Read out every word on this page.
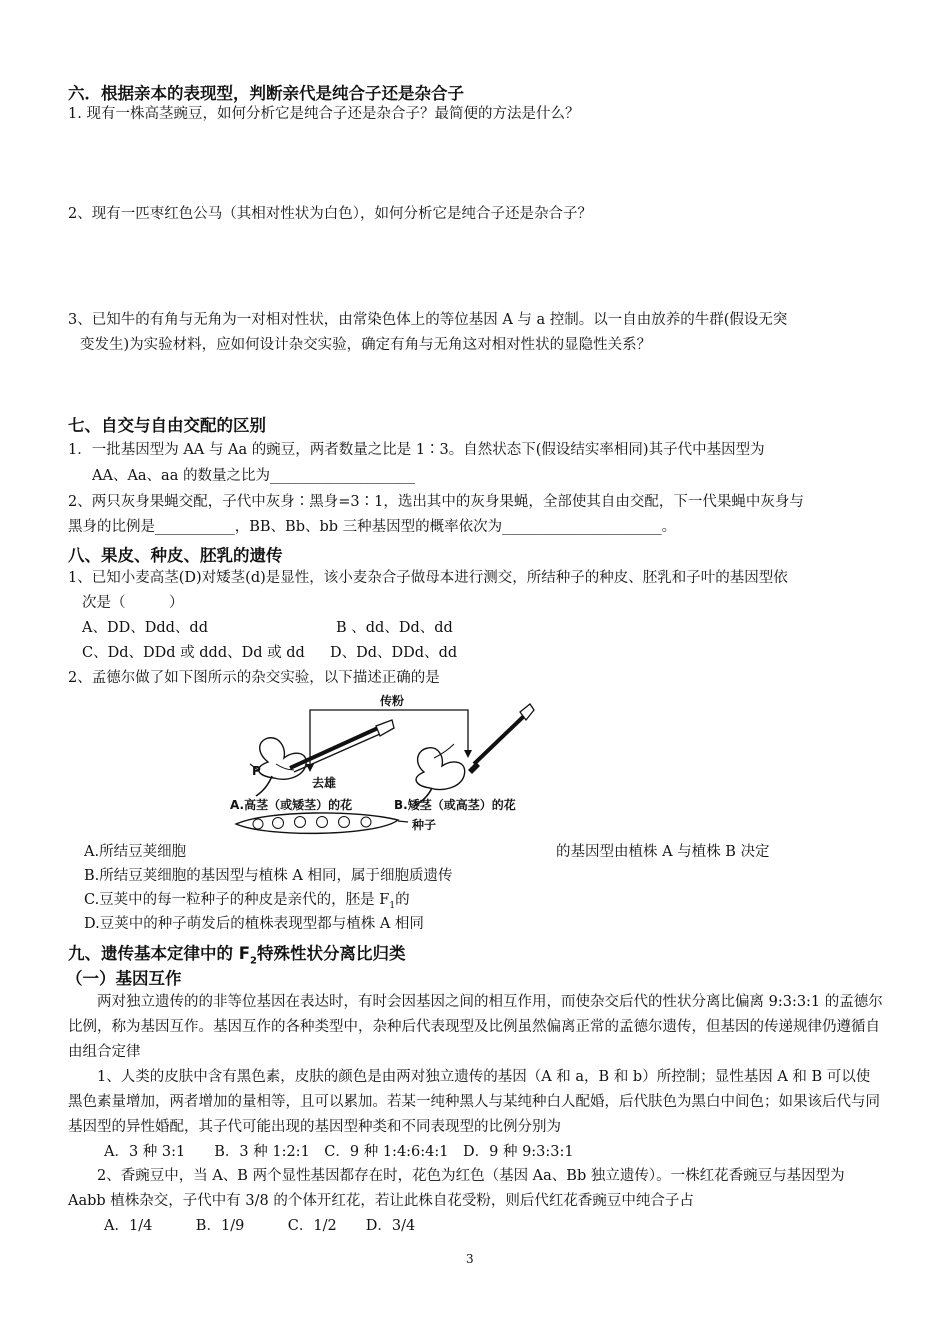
六．根据亲本的表现型，判断亲代是纯合子还是杂合子
1. 现有一株高茎豌豆，如何分析它是纯合子还是杂合子？最简便的方法是什么？
2、现有一匹枣红色公马（其相对性状为白色），如何分析它是纯合子还是杂合子？
3、已知牛的有角与无角为一对相对性状，由常染色体上的等位基因 A 与 a 控制。以一自由放养的牛群(假设无突
变发生)为实验材料，应如何设计杂交实验，确定有角与无角这对相对性状的显隐性关系？
七、自交与自由交配的区别
1．一批基因型为 AA 与 Aa 的豌豆，两者数量之比是 1∶3。自然状态下(假设结实率相同)其子代中基因型为
AA、Aa、aa 的数量之比为____________________
2、两只灰身果蝇交配，子代中灰身∶黑身=3∶1，选出其中的灰身果蝇，全部使其自由交配，下一代果蝇中灰身与
黑身的比例是___________，BB、Bb、bb 三种基因型的概率依次为______________________。
八、果皮、种皮、胚乳的遗传
1、已知小麦高茎(D)对矮茎(d)是显性，该小麦杂合子做母本进行测交，所结种子的种皮、胚乳和子叶的基因型依
次是（　　　）
A、DD、Ddd、dd	B 、dd、Dd、dd
C、Dd、DDd 或 ddd、Dd 或 dd D、Dd、DDd、dd
2、孟德尔做了如下图所示的杂交实验，以下描述正确的是
传粉
P
去雄
A.高茎（或矮茎）的花	B.矮茎（或高茎）的花
种子
A.所结豆荚细胞	的基因型由植株 A 与植株 B 决定
B.所结豆荚细胞的基因型与植株 A 相同，属于细胞质遗传
C.豆荚中的每一粒种子的种皮是亲代的，胚是 $F_1$的
D.豆荚中的种子萌发后的植株表现型都与植株 A 相同
九、遗传基本定律中的 $F_2$特殊性状分离比归类
（一）基因互作
两对独立遗传的的非等位基因在表达时，有时会因基因之间的相互作用，而使杂交后代的性状分离比偏离 9:3:3:1 的孟德尔比例，称为基因互作。基因互作的各种类型中，杂种后代表现型及比例虽然偏离正常的孟德尔遗传，但基因的传递规律仍遵循自由组合定律
1、人类的皮肤中含有黑色素，皮肤的颜色是由两对独立遗传的基因（A 和 a，B 和 b）所控制；显性基因 A 和 B 可以使黑色素量增加，两者增加的量相等，且可以累加。若某一纯种黑人与某纯种白人配婚，后代肤色为黑白中间色；如果该后代与同基因型的异性婚配，其子代可能出现的基因型种类和不同表现型的比例分别为
A．3 种 3:1　　B．3 种 1:2:1　C．9 种 1:4:6:4:1　D．9 种 9:3:3:1
2、香豌豆中，当 A、B 两个显性基因都存在时，花色为红色（基因 Aa、Bb 独立遗传）。一株红花香豌豆与基因型为 Aabb 植株杂交，子代中有 3/8 的个体开红花，若让此株自花受粉，则后代红花香豌豆中纯合子占
A．1/4　　　B．1/9　　　C．1/2　　D．3/4
3
